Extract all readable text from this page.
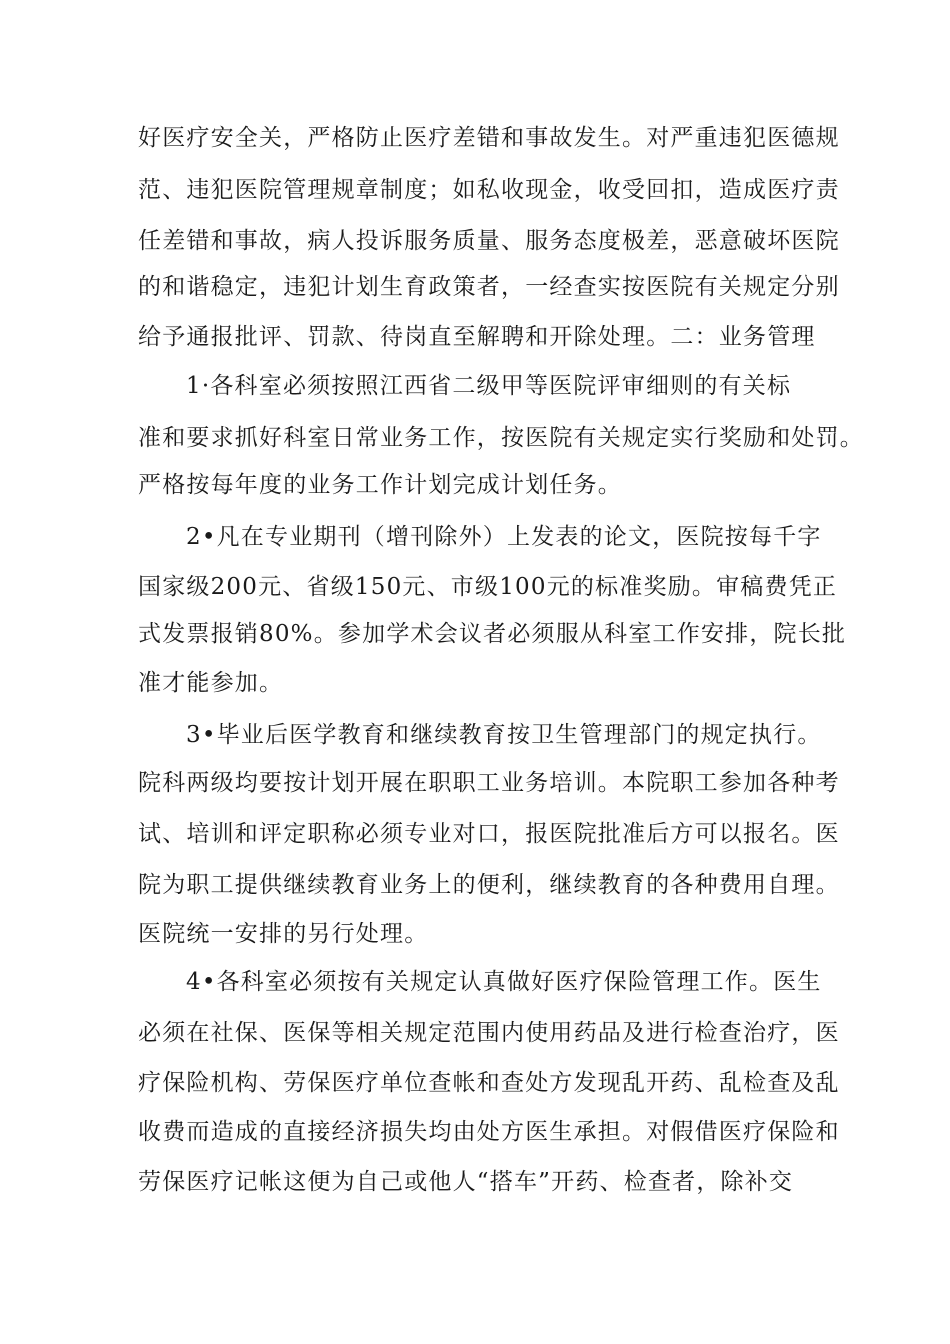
好医疗安全关，严格防止医疗差错和事故发生。对严重违犯医德规
范、违犯医院管理规章制度；如私收现金，收受回扣，造成医疗责
任差错和事故，病人投诉服务质量、服务态度极差，恶意破坏医院
的和谐稳定，违犯计划生育政策者，一经查实按医院有关规定分别
给予通报批评、罚款、待岗直至解聘和开除处理。二：业务管理
1·各科室必须按照江西省二级甲等医院评审细则的有关标
准和要求抓好科室日常业务工作，按医院有关规定实行奖励和处罚。
严格按每年度的业务工作计划完成计划任务。
2•凡在专业期刊（增刊除外）上发表的论文，医院按每千字
国家级200元、省级150元、市级100元的标准奖励。审稿费凭正
式发票报销80%。参加学术会议者必须服从科室工作安排，院长批
准才能参加。
3•毕业后医学教育和继续教育按卫生管理部门的规定执行。
院科两级均要按计划开展在职职工业务培训。本院职工参加各种考
试、培训和评定职称必须专业对口，报医院批准后方可以报名。医
院为职工提供继续教育业务上的便利，继续教育的各种费用自理。
医院统一安排的另行处理。
4•各科室必须按有关规定认真做好医疗保险管理工作。医生
必须在社保、医保等相关规定范围内使用药品及进行检查治疗，医
疗保险机构、劳保医疗单位查帐和查处方发现乱开药、乱检查及乱
收费而造成的直接经济损失均由处方医生承担。对假借医疗保险和
劳保医疗记帐这便为自己或他人“搭车”开药、检查者，除补交
